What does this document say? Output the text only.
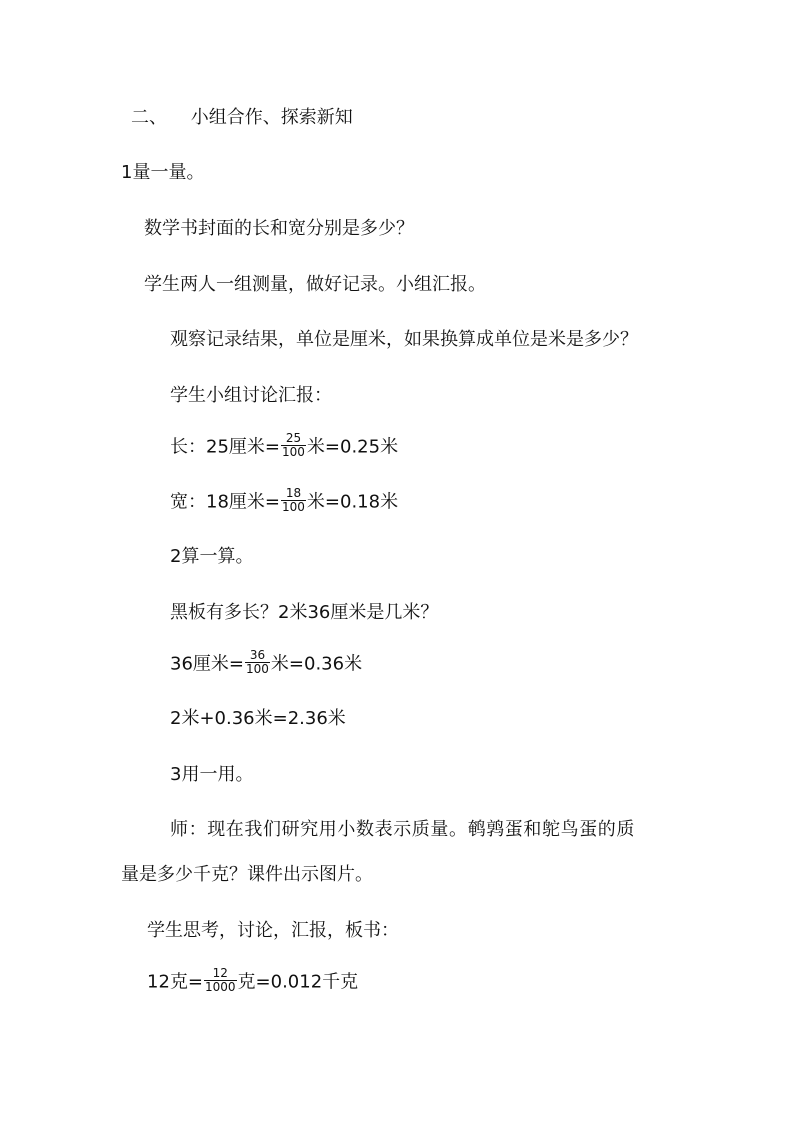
二、 小组合作、探索新知
1量一量。
数学书封面的长和宽分别是多少？
学生两人一组测量，做好记录。小组汇报。
观察记录结果，单位是厘米，如果换算成单位是米是多少？
学生小组讨论汇报：
长：25厘米= $\frac{25}{100}$ 米=0.25米
宽：18厘米= $\frac{18}{100}$ 米=0.18米
2算一算。
黑板有多长？2米36厘米是几米？
36厘米= $\frac{36}{100}$ 米=0.36米
2米+0.36米=2.36米
3用一用。
师：现在我们研究用小数表示质量。鹌鹑蛋和鸵鸟蛋的质
量是多少千克？课件出示图片。
学生思考，讨论，汇报，板书：
12克= $\frac{12}{1000}$ 克=0.012千克
